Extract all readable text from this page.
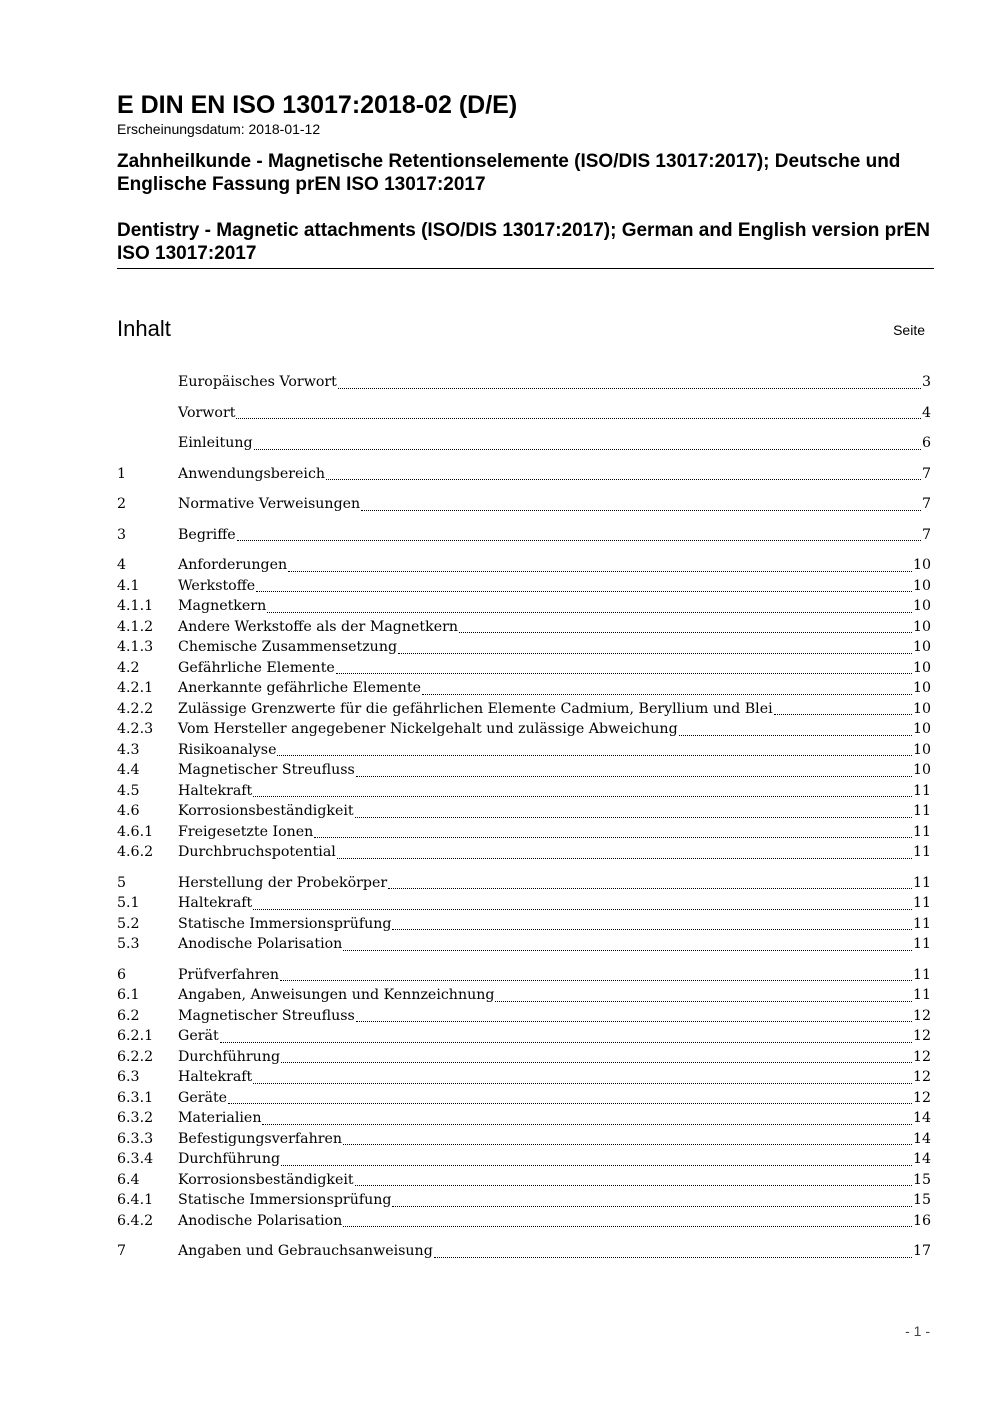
E DIN EN ISO 13017:2018-02 (D/E)

Erscheinungsdatum: 2018-01-12

Zahnheilkunde - Magnetische Retentionselemente (ISO/DIS 13017:2017); Deutsche und Englische Fassung prEN ISO 13017:2017

Dentistry - Magnetic attachments (ISO/DIS 13017:2017); German and English version prEN ISO 13017:2017

Inhalt	Seite
Europäisches Vorwort	3
Vorwort	4
Einleitung	6
1	Anwendungsbereich	7
2	Normative Verweisungen	7
3	Begriffe	7
4	Anforderungen	10
4.1	Werkstoffe	10
4.1.1	Magnetkern	10
4.1.2	Andere Werkstoffe als der Magnetkern	10
4.1.3	Chemische Zusammensetzung	10
4.2	Gefährliche Elemente	10
4.2.1	Anerkannte gefährliche Elemente	10
4.2.2	Zulässige Grenzwerte für die gefährlichen Elemente Cadmium, Beryllium und Blei	10
4.2.3	Vom Hersteller angegebener Nickelgehalt und zulässige Abweichung	10
4.3	Risikoanalyse	10
4.4	Magnetischer Streufluss	10
4.5	Haltekraft	11
4.6	Korrosionsbeständigkeit	11
4.6.1	Freigesetzte Ionen	11
4.6.2	Durchbruchspotential	11
5	Herstellung der Probekörper	11
5.1	Haltekraft	11
5.2	Statische Immersionsprüfung	11
5.3	Anodische Polarisation	11
6	Prüfverfahren	11
6.1	Angaben, Anweisungen und Kennzeichnung	11
6.2	Magnetischer Streufluss	12
6.2.1	Gerät	12
6.2.2	Durchführung	12
6.3	Haltekraft	12
6.3.1	Geräte	12
6.3.2	Materialien	14
6.3.3	Befestigungsverfahren	14
6.3.4	Durchführung	14
6.4	Korrosionsbeständigkeit	15
6.4.1	Statische Immersionsprüfung	15
6.4.2	Anodische Polarisation	16
7	Angaben und Gebrauchsanweisung	17
- 1 -
